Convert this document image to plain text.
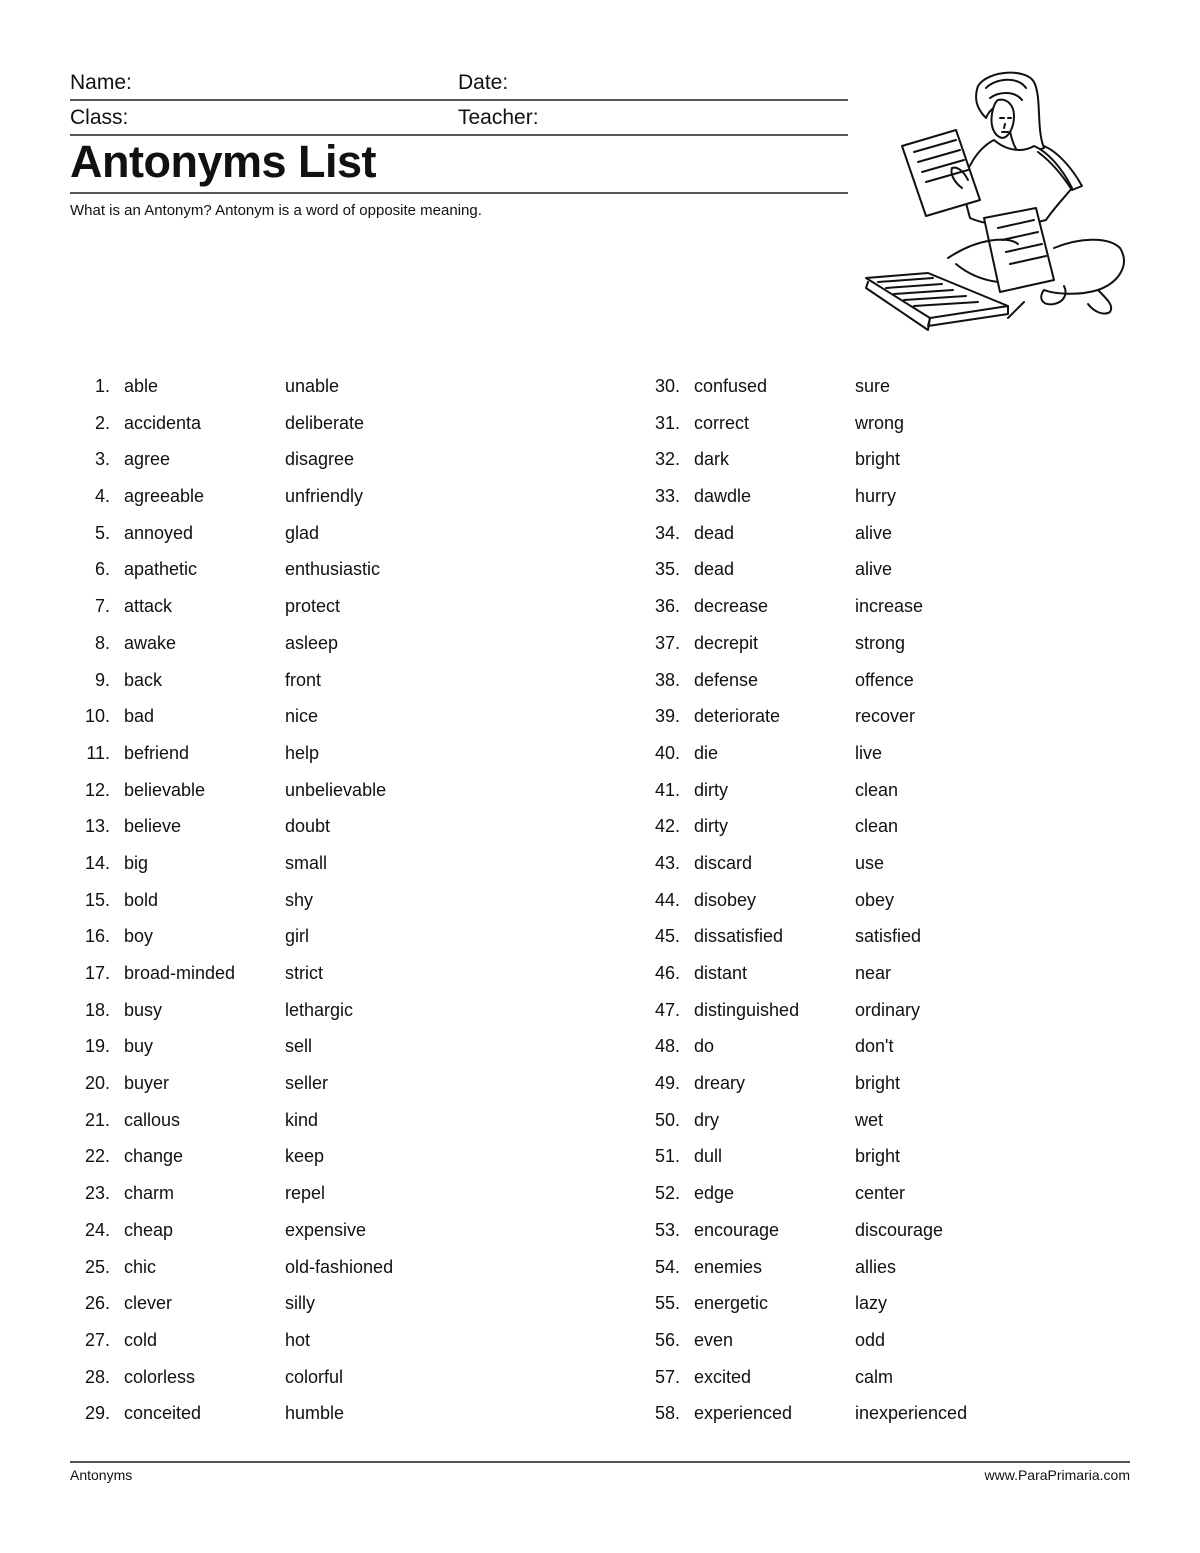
Name:	Date:
Class:	Teacher:
Antonyms List
What is an Antonym? Antonym is a word of opposite meaning.
1. able	unable
2. accidenta	deliberate
3. agree	disagree
4. agreeable	unfriendly
5. annoyed	glad
6. apathetic	enthusiastic
7. attack	protect
8. awake	asleep
9. back	front
10. bad	nice
11. befriend	help
12. believable	unbelievable
13. believe	doubt
14. big	small
15. bold	shy
16. boy	girl
17. broad-minded	strict
18. busy	lethargic
19. buy	sell
20. buyer	seller
21. callous	kind
22. change	keep
23. charm	repel
24. cheap	expensive
25. chic	old-fashioned
26. clever	silly
27. cold	hot
28. colorless	colorful
29. conceited	humble
30. confused	sure
31. correct	wrong
32. dark	bright
33. dawdle	hurry
34. dead	alive
35. dead	alive
36. decrease	increase
37. decrepit	strong
38. defense	offence
39. deteriorate	recover
40. die	live
41. dirty	clean
42. dirty	clean
43. discard	use
44. disobey	obey
45. dissatisfied	satisfied
46. distant	near
47. distinguished	ordinary
48. do	don't
49. dreary	bright
50. dry	wet
51. dull	bright
52. edge	center
53. encourage	discourage
54. enemies	allies
55. energetic	lazy
56. even	odd
57. excited	calm
58. experienced	inexperienced
Antonyms	www.ParaPrimaria.com
